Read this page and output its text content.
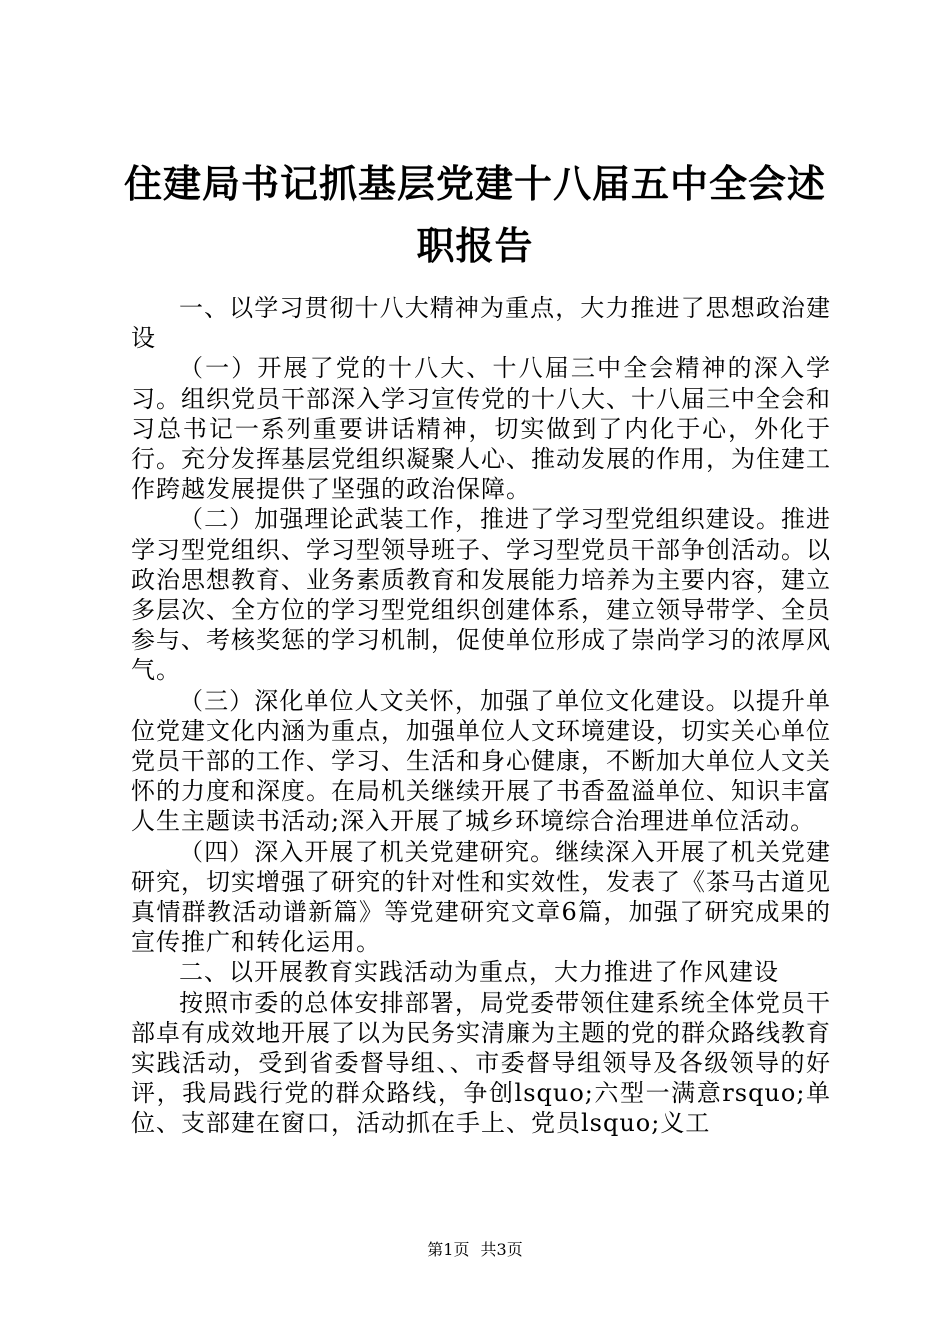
住建局书记抓基层党建十八届五中全会述职报告

一、以学习贯彻十八大精神为重点，大力推进了思想政治建设

（一）开展了党的十八大、十八届三中全会精神的深入学习。组织党员干部深入学习宣传党的十八大、十八届三中全会和习总书记一系列重要讲话精神，切实做到了内化于心，外化于行。充分发挥基层党组织凝聚人心、推动发展的作用，为住建工作跨越发展提供了坚强的政治保障。

（二）加强理论武装工作，推进了学习型党组织建设。推进学习型党组织、学习型领导班子、学习型党员干部争创活动。以政治思想教育、业务素质教育和发展能力培养为主要内容，建立多层次、全方位的学习型党组织创建体系，建立领导带学、全员参与、考核奖惩的学习机制，促使单位形成了崇尚学习的浓厚风气。

（三）深化单位人文关怀，加强了单位文化建设。以提升单位党建文化内涵为重点，加强单位人文环境建设，切实关心单位党员干部的工作、学习、生活和身心健康，不断加大单位人文关怀的力度和深度。在局机关继续开展了书香盈溢单位、知识丰富人生主题读书活动;深入开展了城乡环境综合治理进单位活动。

（四）深入开展了机关党建研究。继续深入开展了机关党建研究，切实增强了研究的针对性和实效性，发表了《茶马古道见真情群教活动谱新篇》等党建研究文章6篇，加强了研究成果的宣传推广和转化运用。

二、以开展教育实践活动为重点，大力推进了作风建设

按照市委的总体安排部署，局党委带领住建系统全体党员干部卓有成效地开展了以为民务实清廉为主题的党的群众路线教育实践活动，受到省委督导组、、市委督导组领导及各级领导的好评，我局践行党的群众路线，争创lsquo;六型一满意rsquo;单位、支部建在窗口，活动抓在手上、党员lsquo;义工

第1页 共3页
